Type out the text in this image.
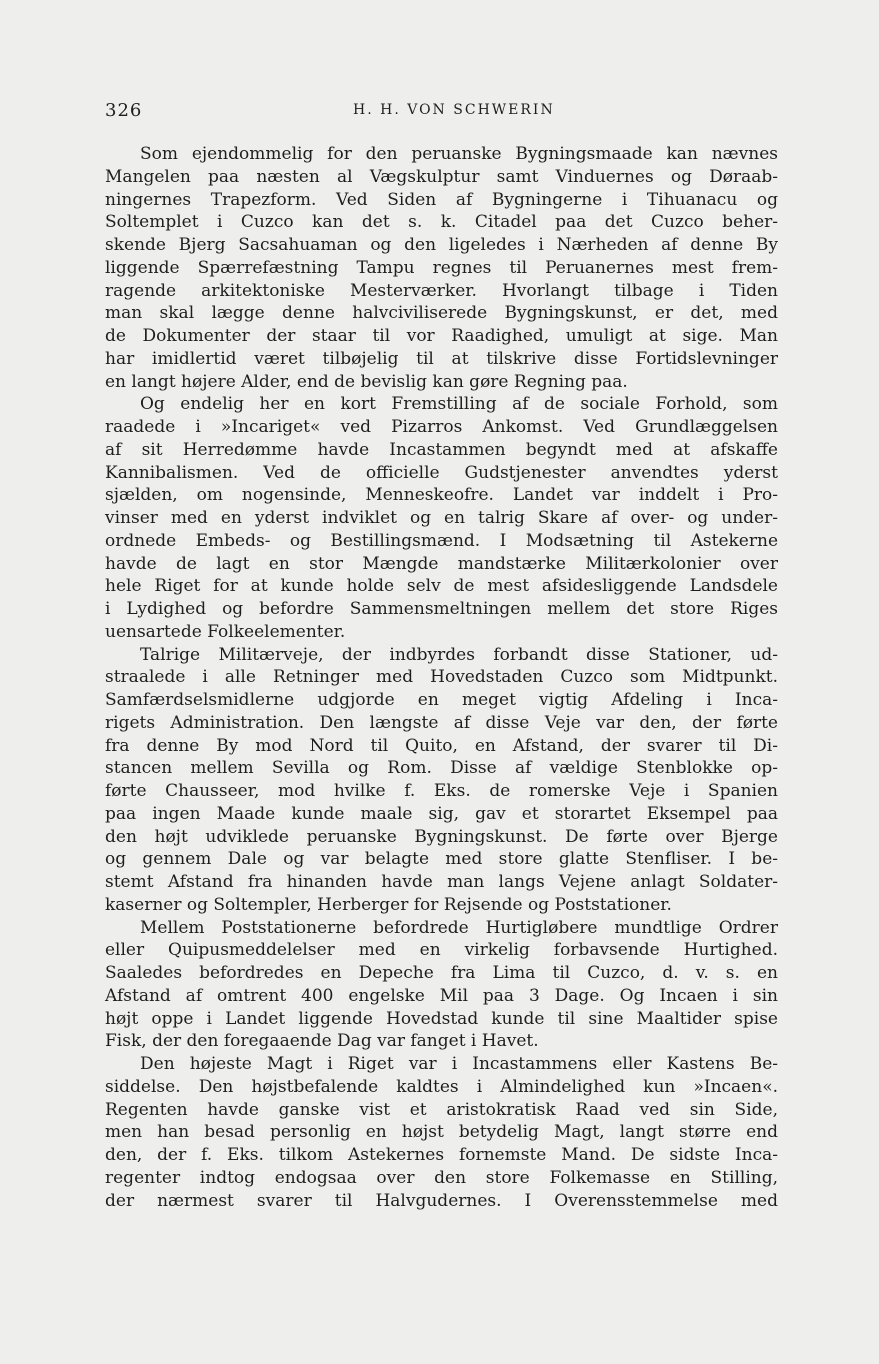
326	H. H. VON SCHWERIN
Som ejendommelig for den peruanske Bygningsmaade kan nævnes
Mangelen paa næsten al Vægskulptur samt Vinduernes og Døraab-
ningernes Trapezform. Ved Siden af Bygningerne i Tihuanacu og
Soltemplet i Cuzco kan det s. k. Citadel paa det Cuzco beher-
skende Bjerg Sacsahuaman og den ligeledes i Nærheden af denne By
liggende Spærrefæstning Tampu regnes til Peruanernes mest frem-
ragende arkitektoniske Mesterværker. Hvorlangt tilbage i Tiden
man skal lægge denne halvciviliserede Bygningskunst, er det, med
de Dokumenter der staar til vor Raadighed, umuligt at sige. Man
har imidlertid været tilbøjelig til at tilskrive disse Fortidslevninger
en langt højere Alder, end de bevislig kan gøre Regning paa.
Og endelig her en kort Fremstilling af de sociale Forhold, som
raadede i »Incariget« ved Pizarros Ankomst. Ved Grundlæggelsen
af sit Herredømme havde Incastammen begyndt med at afskaffe
Kannibalismen. Ved de officielle Gudstjenester anvendtes yderst
sjælden, om nogensinde, Menneskeofre. Landet var inddelt i Pro-
vinser med en yderst indviklet og en talrig Skare af over- og under-
ordnede Embeds- og Bestillingsmænd. I Modsætning til Astekerne
havde de lagt en stor Mængde mandstærke Militærkolonier over
hele Riget for at kunde holde selv de mest afsidesliggende Landsdele
i Lydighed og befordre Sammensmeltningen mellem det store Riges
uensartede Folkeelementer.
Talrige Militærveje, der indbyrdes forbandt disse Stationer, ud-
straalede i alle Retninger med Hovedstaden Cuzco som Midtpunkt.
Samfærdselsmidlerne udgjorde en meget vigtig Afdeling i Inca-
rigets Administration. Den længste af disse Veje var den, der førte
fra denne By mod Nord til Quito, en Afstand, der svarer til Di-
stancen mellem Sevilla og Rom. Disse af vældige Stenblokke op-
førte Chausseer, mod hvilke f. Eks. de romerske Veje i Spanien
paa ingen Maade kunde maale sig, gav et storartet Eksempel paa
den højt udviklede peruanske Bygningskunst. De førte over Bjerge
og gennem Dale og var belagte med store glatte Stenfliser. I be-
stemt Afstand fra hinanden havde man langs Vejene anlagt Soldater-
kaserner og Soltempler, Herberger for Rejsende og Poststationer.
Mellem Poststationerne befordrede Hurtigløbere mundtlige Ordrer
eller Quipusmeddelelser med en virkelig forbavsende Hurtighed.
Saaledes befordredes en Depeche fra Lima til Cuzco, d. v. s. en
Afstand af omtrent 400 engelske Mil paa 3 Dage. Og Incaen i sin
højt oppe i Landet liggende Hovedstad kunde til sine Maaltider spise
Fisk, der den foregaaende Dag var fanget i Havet.
Den højeste Magt i Riget var i Incastammens eller Kastens Be-
siddelse. Den højstbefalende kaldtes i Almindelighed kun »Incaen«.
Regenten havde ganske vist et aristokratisk Raad ved sin Side,
men han besad personlig en højst betydelig Magt, langt større end
den, der f. Eks. tilkom Astekernes fornemste Mand. De sidste Inca-
regenter indtog endogsaa over den store Folkemasse en Stilling,
der nærmest svarer til Halvgudernes. I Overensstemmelse med
